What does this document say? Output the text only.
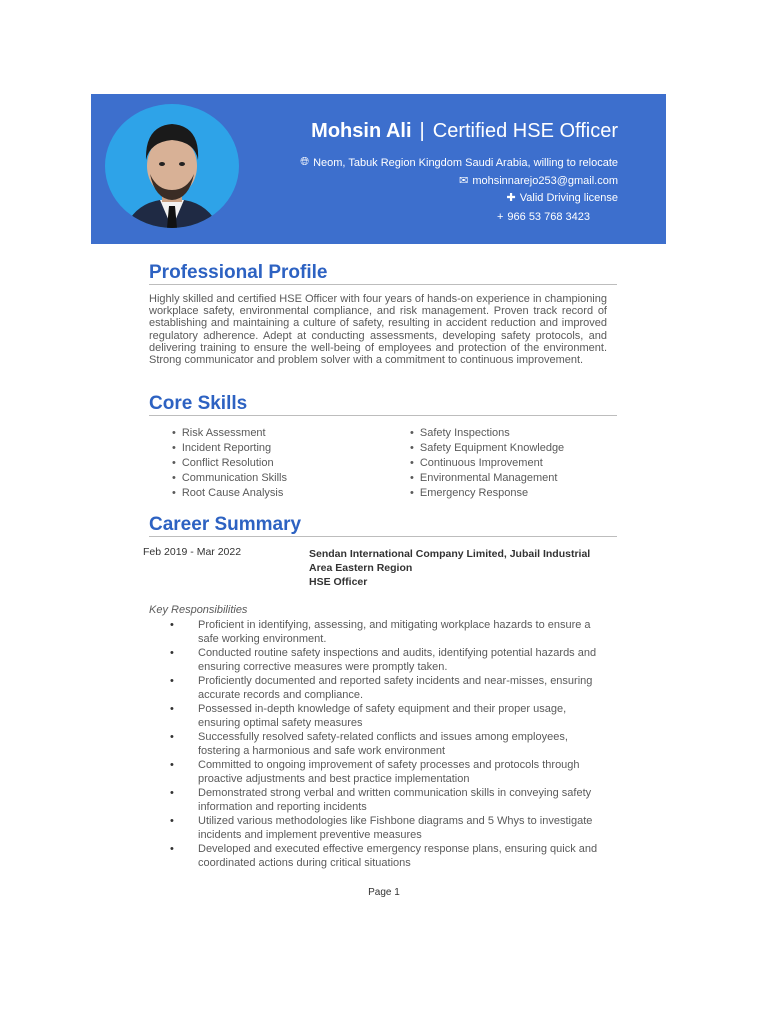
Mohsin Ali | Certified HSE Officer
🌐︎ Neom, Tabuk Region Kingdom Saudi Arabia, willing to relocate
✉ mohsinnarejo253@gmail.com
✚ Valid Driving license
+ 966 53 768 3423
Professional Profile
Highly skilled and certified HSE Officer with four years of hands-on experience in championing workplace safety, environmental compliance, and risk management. Proven track record of establishing and maintaining a culture of safety, resulting in accident reduction and improved regulatory adherence. Adept at conducting assessments, developing safety protocols, and delivering training to ensure the well-being of employees and protection of the environment. Strong communicator and problem solver with a commitment to continuous improvement.
Core Skills
• Risk Assessment
• Incident Reporting
• Conflict Resolution
• Communication Skills
• Root Cause Analysis
• Safety Inspections
• Safety Equipment Knowledge
• Continuous Improvement
• Environmental Management
• Emergency Response
Career Summary
Feb 2019 - Mar 2022	Sendan International Company Limited, Jubail Industrial
Area Eastern Region
HSE Officer
Key Responsibilities
• Proficient in identifying, assessing, and mitigating workplace hazards to ensure a safe working environment.
• Conducted routine safety inspections and audits, identifying potential hazards and ensuring corrective measures were promptly taken.
• Proficiently documented and reported safety incidents and near-misses, ensuring accurate records and compliance.
• Possessed in-depth knowledge of safety equipment and their proper usage, ensuring optimal safety measures
• Successfully resolved safety-related conflicts and issues among employees, fostering a harmonious and safe work environment
• Committed to ongoing improvement of safety processes and protocols through proactive adjustments and best practice implementation
• Demonstrated strong verbal and written communication skills in conveying safety information and reporting incidents
• Utilized various methodologies like Fishbone diagrams and 5 Whys to investigate incidents and implement preventive measures
• Developed and executed effective emergency response plans, ensuring quick and coordinated actions during critical situations
Page 1
